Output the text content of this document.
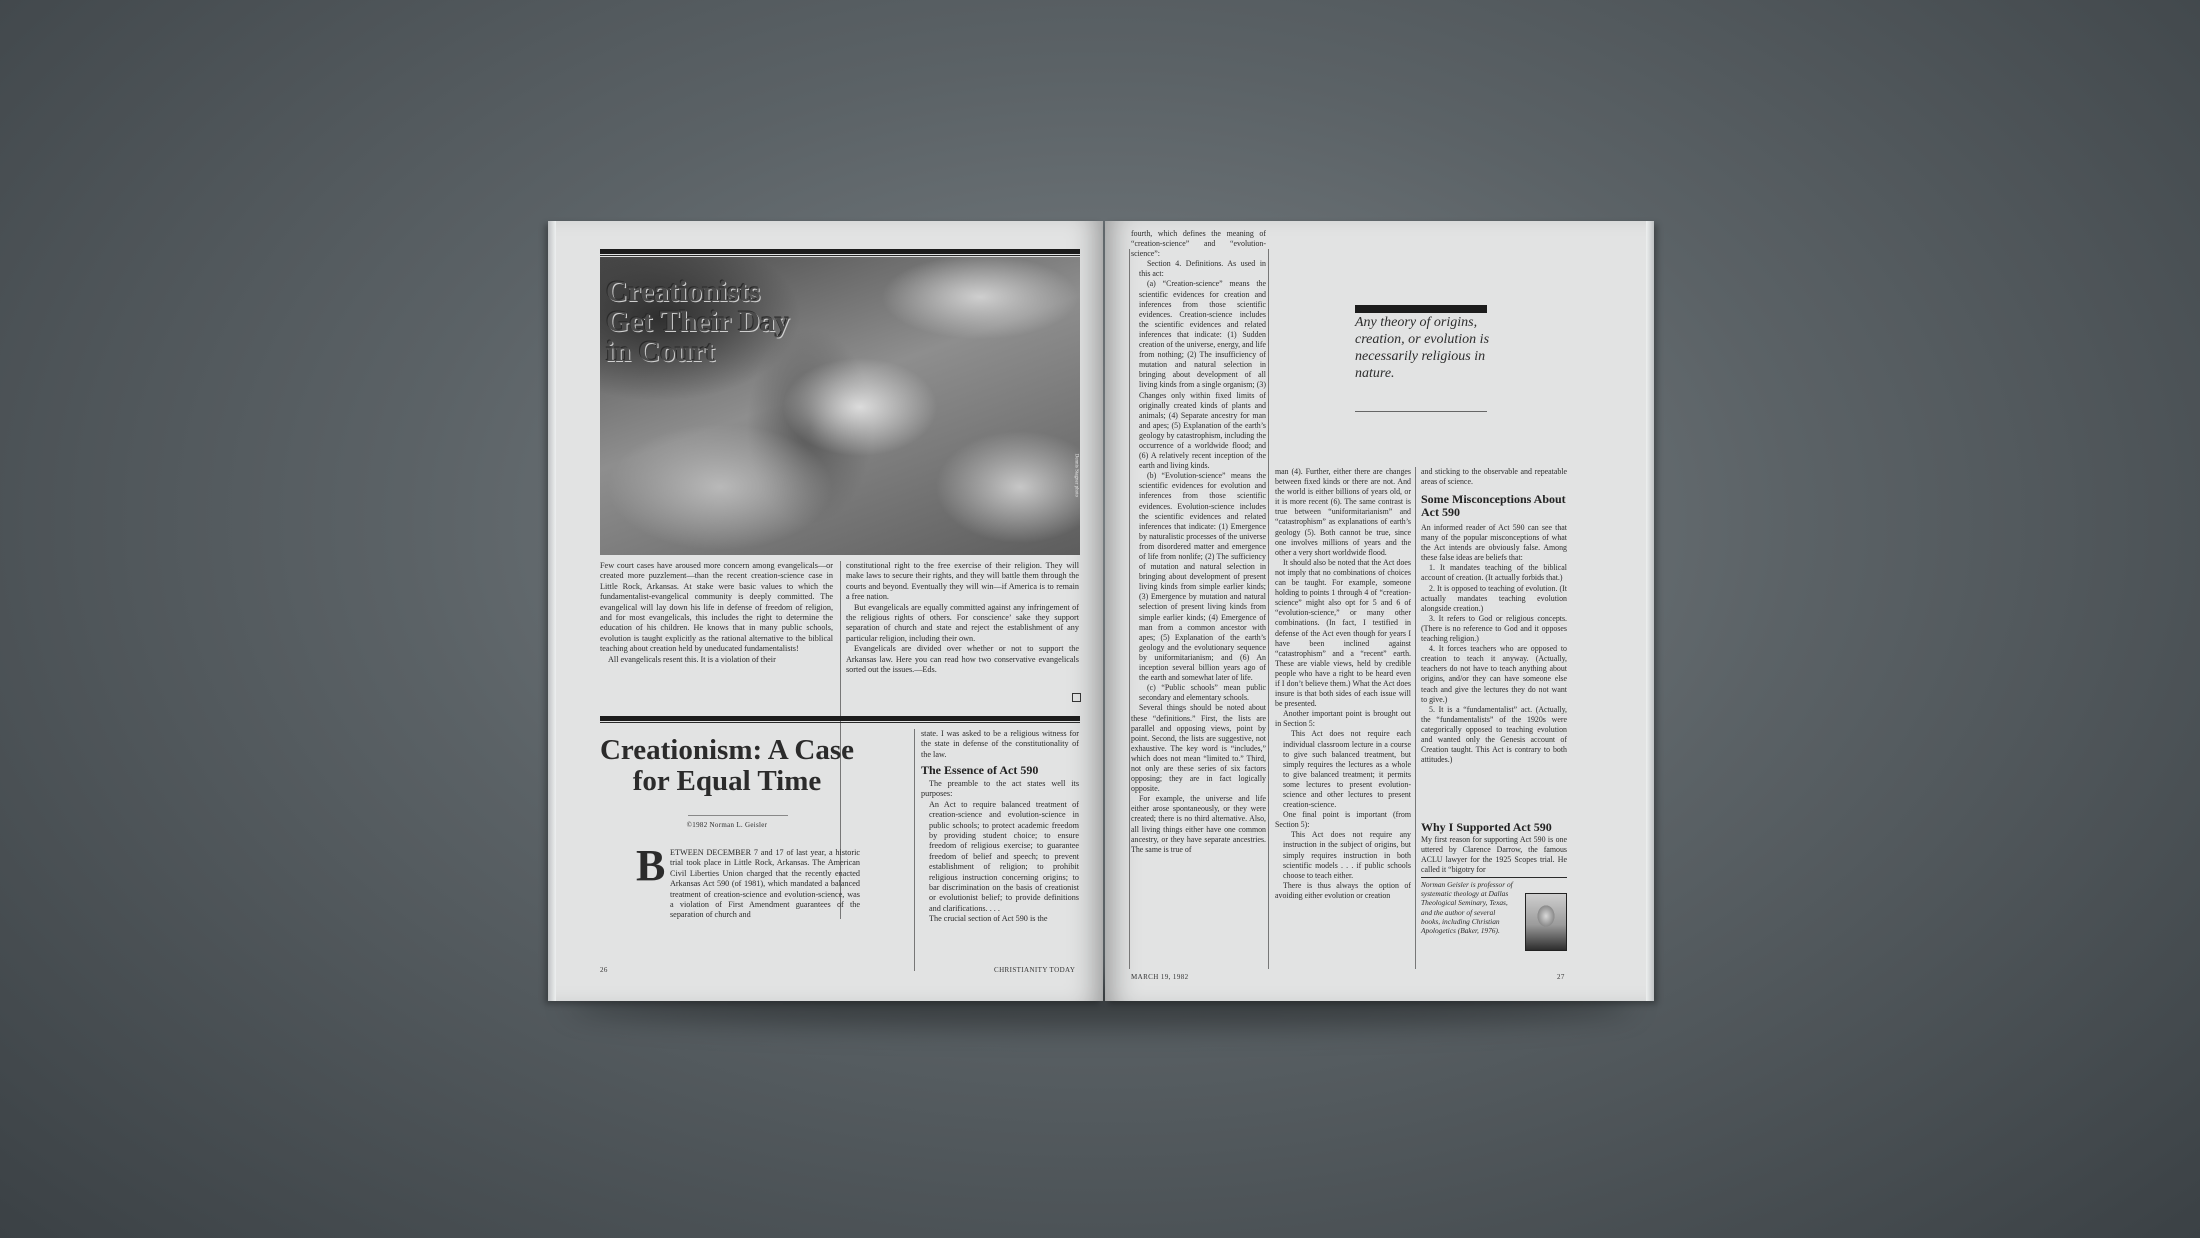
Creationists
Get Their Day
in Court
Dennis Stagner photo

Few court cases have aroused more concern among evangelicals—or created more puzzlement—than the recent creation-science case in Little Rock, Arkansas. At stake were basic values to which the fundamentalist-evangelical community is deeply committed. The evangelical will lay down his life in defense of freedom of religion, and for most evangelicals, this includes the right to determine the education of his children. He knows that in many public schools, evolution is taught explicitly as the rational alternative to the biblical teaching about creation held by uneducated fundamentalists!

All evangelicals resent this. It is a violation of their

constitutional right to the free exercise of their religion. They will make laws to secure their rights, and they will battle them through the courts and beyond. Eventually they will win—if America is to remain a free nation.

But evangelicals are equally committed against any infringement of the religious rights of others. For conscience’ sake they support separation of church and state and reject the establishment of any particular religion, including their own.

Evangelicals are divided over whether or not to support the Arkansas law. Here you can read how two conservative evangelicals sorted out the issues.—Eds.

Creationism: A Case
for Equal Time
©1982 Norman L. Geisler
B ETWEEN DECEMBER 7 and 17 of last year, a historic trial took place in Little Rock, Arkansas. The American Civil Liberties Union charged that the recently enacted Arkansas Act 590 (of 1981), which mandated a balanced treatment of creation-science and evolution-science, was a violation of First Amendment guarantees of the separation of church and

state. I was asked to be a religious witness for the state in defense of the constitutionality of the law.

The Essence of Act 590

The preamble to the act states well its purposes:

An Act to require balanced treatment of creation-science and evolution-science in public schools; to protect academic freedom by providing student choice; to ensure freedom of religious exercise; to guarantee freedom of belief and speech; to prevent establishment of religion; to prohibit religious instruction concerning origins; to bar discrimination on the basis of creationist or evolutionist belief; to provide definitions and clarifications. . . .

The crucial section of Act 590 is the

26	CHRISTIANITY TODAY

fourth, which defines the meaning of “creation-science” and “evolution-science”:

Section 4. Definitions. As used in this act:

(a) “Creation-science” means the scientific evidences for creation and inferences from those scientific evidences. Creation-science includes the scientific evidences and related inferences that indicate: (1) Sudden creation of the universe, energy, and life from nothing; (2) The insufficiency of mutation and natural selection in bringing about development of all living kinds from a single organism; (3) Changes only within fixed limits of originally created kinds of plants and animals; (4) Separate ancestry for man and apes; (5) Explanation of the earth’s geology by catastrophism, including the occurrence of a worldwide flood; and (6) A relatively recent inception of the earth and living kinds.

(b) “Evolution-science” means the scientific evidences for evolution and inferences from those scientific evidences. Evolution-science includes the scientific evidences and related inferences that indicate: (1) Emergence by naturalistic processes of the universe from disordered matter and emergence of life from nonlife; (2) The sufficiency of mutation and natural selection in bringing about development of present living kinds from simple earlier kinds; (3) Emergence by mutation and natural selection of present living kinds from simple earlier kinds; (4) Emergence of man from a common ancestor with apes; (5) Explanation of the earth’s geology and the evolutionary sequence by uniformitarianism; and (6) An inception several billion years ago of the earth and somewhat later of life.

(c) “Public schools” mean public secondary and elementary schools.

Several things should be noted about these “definitions.” First, the lists are parallel and opposing views, point by point. Second, the lists are suggestive, not exhaustive. The key word is “includes,” which does not mean “limited to.” Third, not only are these series of six factors opposing; they are in fact logically opposite.

For example, the universe and life either arose spontaneously, or they were created; there is no third alternative. Also, all living things either have one common ancestry, or they have separate ancestries. The same is true of

Any theory of origins, creation, or evolution is necessarily religious in nature.

man (4). Further, either there are changes between fixed kinds or there are not. And the world is either billions of years old, or it is more recent (6). The same contrast is true between “uniformitarianism” and “catastrophism” as explanations of earth’s geology (5). Both cannot be true, since one involves millions of years and the other a very short worldwide flood.

It should also be noted that the Act does not imply that no combinations of choices can be taught. For example, someone holding to points 1 through 4 of “creation-science” might also opt for 5 and 6 of “evolution-science,” or many other combinations. (In fact, I testified in defense of the Act even though for years I have been inclined against “catastrophism” and a “recent” earth. These are viable views, held by credible people who have a right to be heard even if I don’t believe them.) What the Act does insure is that both sides of each issue will be presented.

Another important point is brought out in Section 5:

This Act does not require each individual classroom lecture in a course to give such balanced treatment, but simply requires the lectures as a whole to give balanced treatment; it permits some lectures to present evolution-science and other lectures to present creation-science.

One final point is important (from Section 5):

This Act does not require any instruction in the subject of origins, but simply requires instruction in both scientific models . . . if public schools choose to teach either.

There is thus always the option of avoiding either evolution or creation

and sticking to the observable and repeatable areas of science.

Some Misconceptions About Act 590

An informed reader of Act 590 can see that many of the popular misconceptions of what the Act intends are obviously false. Among these false ideas are beliefs that:

1. It mandates teaching of the biblical account of creation. (It actually forbids that.)

2. It is opposed to teaching of evolution. (It actually mandates teaching evolution alongside creation.)

3. It refers to God or religious concepts. (There is no reference to God and it opposes teaching religion.)

4. It forces teachers who are opposed to creation to teach it anyway. (Actually, teachers do not have to teach anything about origins, and/or they can have someone else teach and give the lectures they do not want to give.)

5. It is a “fundamentalist” act. (Actually, the “fundamentalists” of the 1920s were categorically opposed to teaching evolution and wanted only the Genesis account of Creation taught. This Act is contrary to both attitudes.)

Why I Supported Act 590

My first reason for supporting Act 590 is one uttered by Clarence Darrow, the famous ACLU lawyer for the 1925 Scopes trial. He called it “bigotry for

Norman Geisler is professor of systematic theology at Dallas Theological Seminary, Texas, and the author of several books, including Christian Apologetics (Baker, 1976).
MARCH 19, 1982	27
